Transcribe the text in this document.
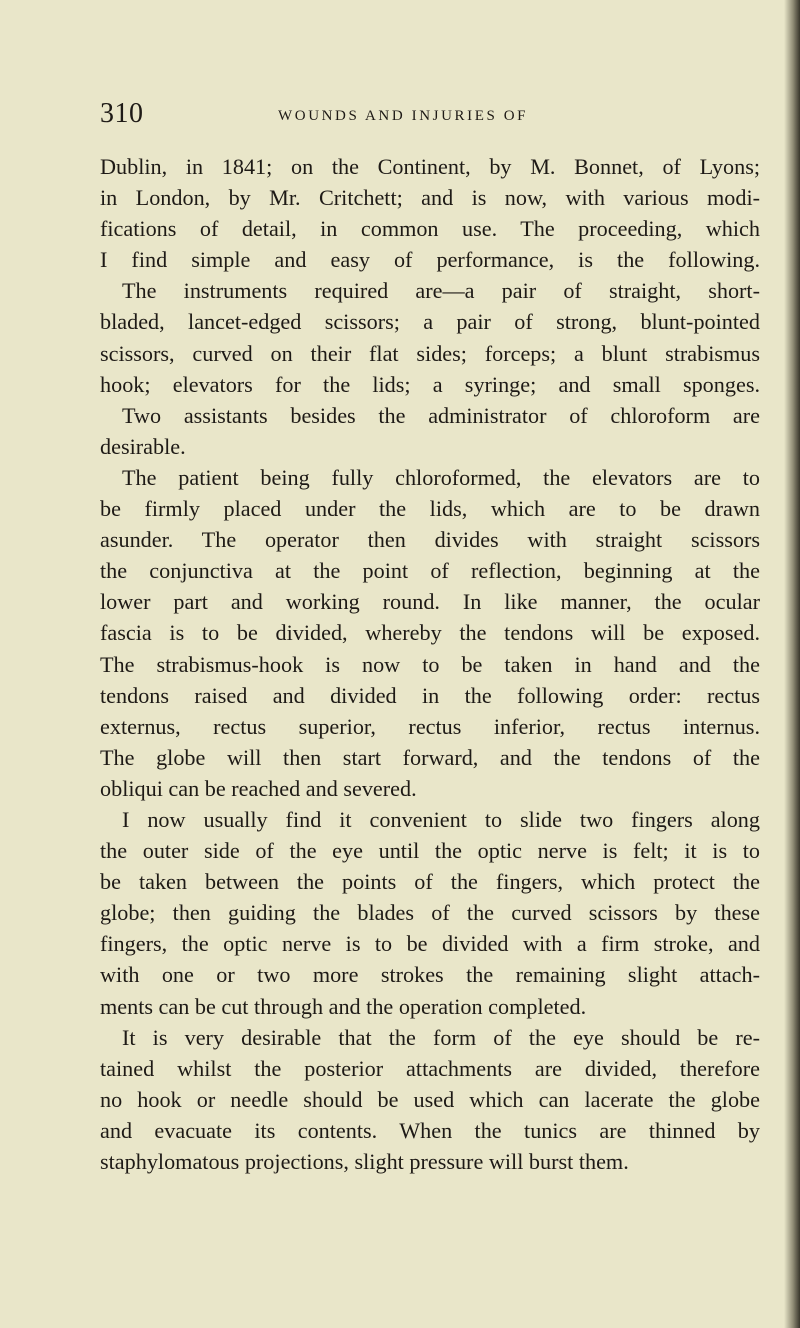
310	WOUNDS AND INJURIES OF
Dublin, in 1841; on the Continent, by M. Bonnet, of Lyons;
in London, by Mr. Critchett; and is now, with various modi-
fications of detail, in common use. The proceeding, which
I find simple and easy of performance, is the following.
The instruments required are—a pair of straight, short-
bladed, lancet-edged scissors; a pair of strong, blunt-pointed
scissors, curved on their flat sides; forceps; a blunt strabismus
hook; elevators for the lids; a syringe; and small sponges.
Two assistants besides the administrator of chloroform are
desirable.
The patient being fully chloroformed, the elevators are to
be firmly placed under the lids, which are to be drawn
asunder. The operator then divides with straight scissors
the conjunctiva at the point of reflection, beginning at the
lower part and working round. In like manner, the ocular
fascia is to be divided, whereby the tendons will be exposed.
The strabismus-hook is now to be taken in hand and the
tendons raised and divided in the following order: rectus
externus, rectus superior, rectus inferior, rectus internus.
The globe will then start forward, and the tendons of the
obliqui can be reached and severed.
I now usually find it convenient to slide two fingers along
the outer side of the eye until the optic nerve is felt; it is to
be taken between the points of the fingers, which protect the
globe; then guiding the blades of the curved scissors by these
fingers, the optic nerve is to be divided with a firm stroke, and
with one or two more strokes the remaining slight attach-
ments can be cut through and the operation completed.
It is very desirable that the form of the eye should be re-
tained whilst the posterior attachments are divided, therefore
no hook or needle should be used which can lacerate the globe
and evacuate its contents. When the tunics are thinned by
staphylomatous projections, slight pressure will burst them.
